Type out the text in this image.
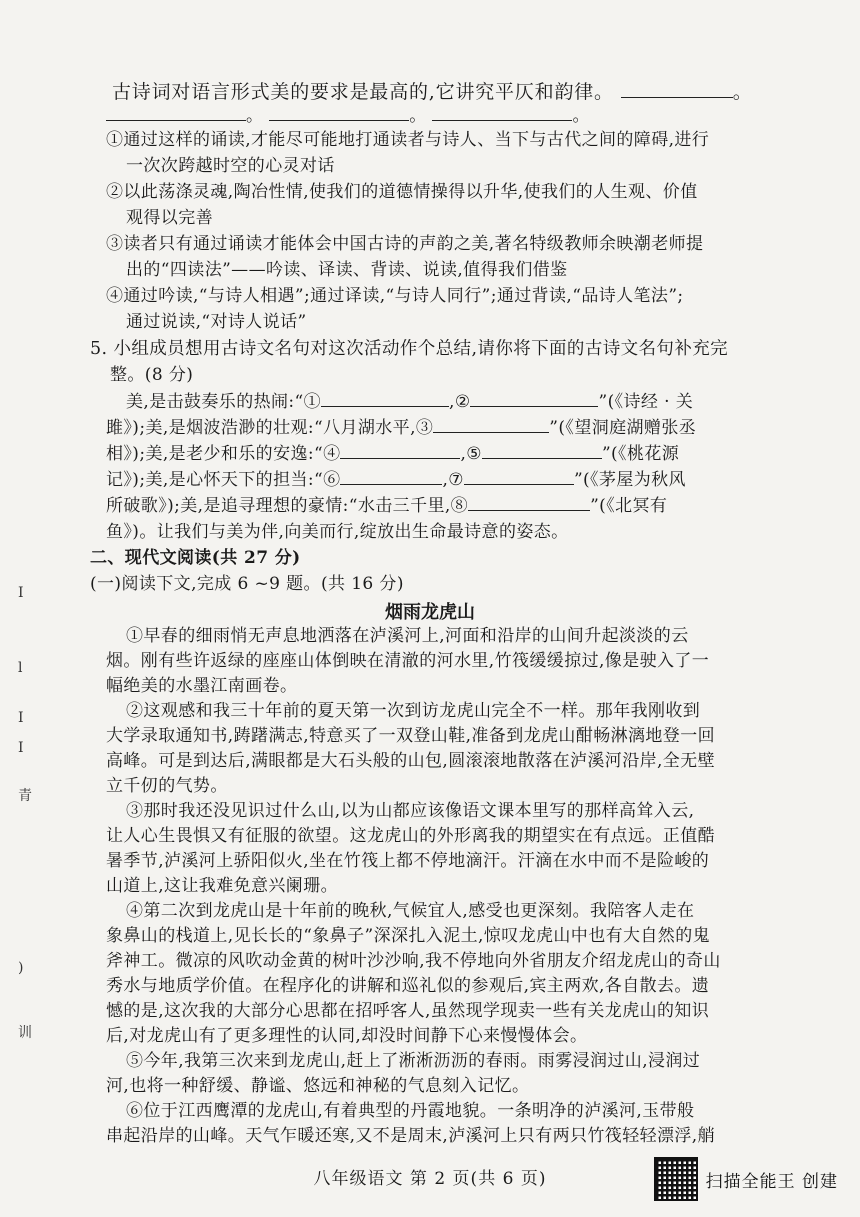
古诗词对语言形式美的要求是最高的,它讲究平仄和韵律。	。
。	。	。
①通过这样的诵读,才能尽可能地打通读者与诗人、当下与古代之间的障碍,进行
一次次跨越时空的心灵对话
②以此荡涤灵魂,陶冶性情,使我们的道德情操得以升华,使我们的人生观、价值
观得以完善
③读者只有通过诵读才能体会中国古诗的声韵之美,著名特级教师余映潮老师提
出的“四读法”——吟读、译读、背读、说读,值得我们借鉴
④通过吟读,“与诗人相遇”;通过译读,“与诗人同行”;通过背读,“品诗人笔法”;
通过说读,“对诗人说话”
5. 小组成员想用古诗文名句对这次活动作个总结,请你将下面的古诗文名句补充完
整。(8 分)
美,是击鼓奏乐的热闹:“①	,②	”(《诗经 · 关
雎》);美,是烟波浩渺的壮观:“八月湖水平,③	”(《望洞庭湖赠张丞
相》);美,是老少和乐的安逸:“④	,⑤	”(《桃花源
记》);美,是心怀天下的担当:“⑥	,⑦	”(《茅屋为秋风
所破歌》);美,是追寻理想的豪情:“水击三千里,⑧	”(《北冥有
鱼》)。让我们与美为伴,向美而行,绽放出生命最诗意的姿态。
二、现代文阅读(共 27 分)
(一)阅读下文,完成 6 ~9 题。(共 16 分)
烟雨龙虎山
①早春的细雨悄无声息地洒落在泸溪河上,河面和沿岸的山间升起淡淡的云
烟。刚有些许返绿的座座山体倒映在清澈的河水里,竹筏缓缓掠过,像是驶入了一
幅绝美的水墨江南画卷。
②这观感和我三十年前的夏天第一次到访龙虎山完全不一样。那年我刚收到
大学录取通知书,踌躇满志,特意买了一双登山鞋,准备到龙虎山酣畅淋漓地登一回
高峰。可是到达后,满眼都是大石头般的山包,圆滚滚地散落在泸溪河沿岸,全无壁
立千仞的气势。
③那时我还没见识过什么山,以为山都应该像语文课本里写的那样高耸入云,
让人心生畏惧又有征服的欲望。这龙虎山的外形离我的期望实在有点远。正值酷
暑季节,泸溪河上骄阳似火,坐在竹筏上都不停地滴汗。汗滴在水中而不是险峻的
山道上,这让我难免意兴阑珊。
④第二次到龙虎山是十年前的晚秋,气候宜人,感受也更深刻。我陪客人走在
象鼻山的栈道上,见长长的“象鼻子”深深扎入泥土,惊叹龙虎山中也有大自然的鬼
斧神工。微凉的风吹动金黄的树叶沙沙响,我不停地向外省朋友介绍龙虎山的奇山
秀水与地质学价值。在程序化的讲解和巡礼似的参观后,宾主两欢,各自散去。遗
憾的是,这次我的大部分心思都在招呼客人,虽然现学现卖一些有关龙虎山的知识
后,对龙虎山有了更多理性的认同,却没时间静下心来慢慢体会。
⑤今年,我第三次来到龙虎山,赶上了淅淅沥沥的春雨。雨雾浸润过山,浸润过
河,也将一种舒缓、静谧、悠远和神秘的气息刻入记忆。
⑥位于江西鹰潭的龙虎山,有着典型的丹霞地貌。一条明净的泸溪河,玉带般
串起沿岸的山峰。天气乍暖还寒,又不是周末,泸溪河上只有两只竹筏轻轻漂浮,艄
八年级语文 第 2 页(共 6 页)
I
l
I
I
青
)
训
扫描全能王 创建
